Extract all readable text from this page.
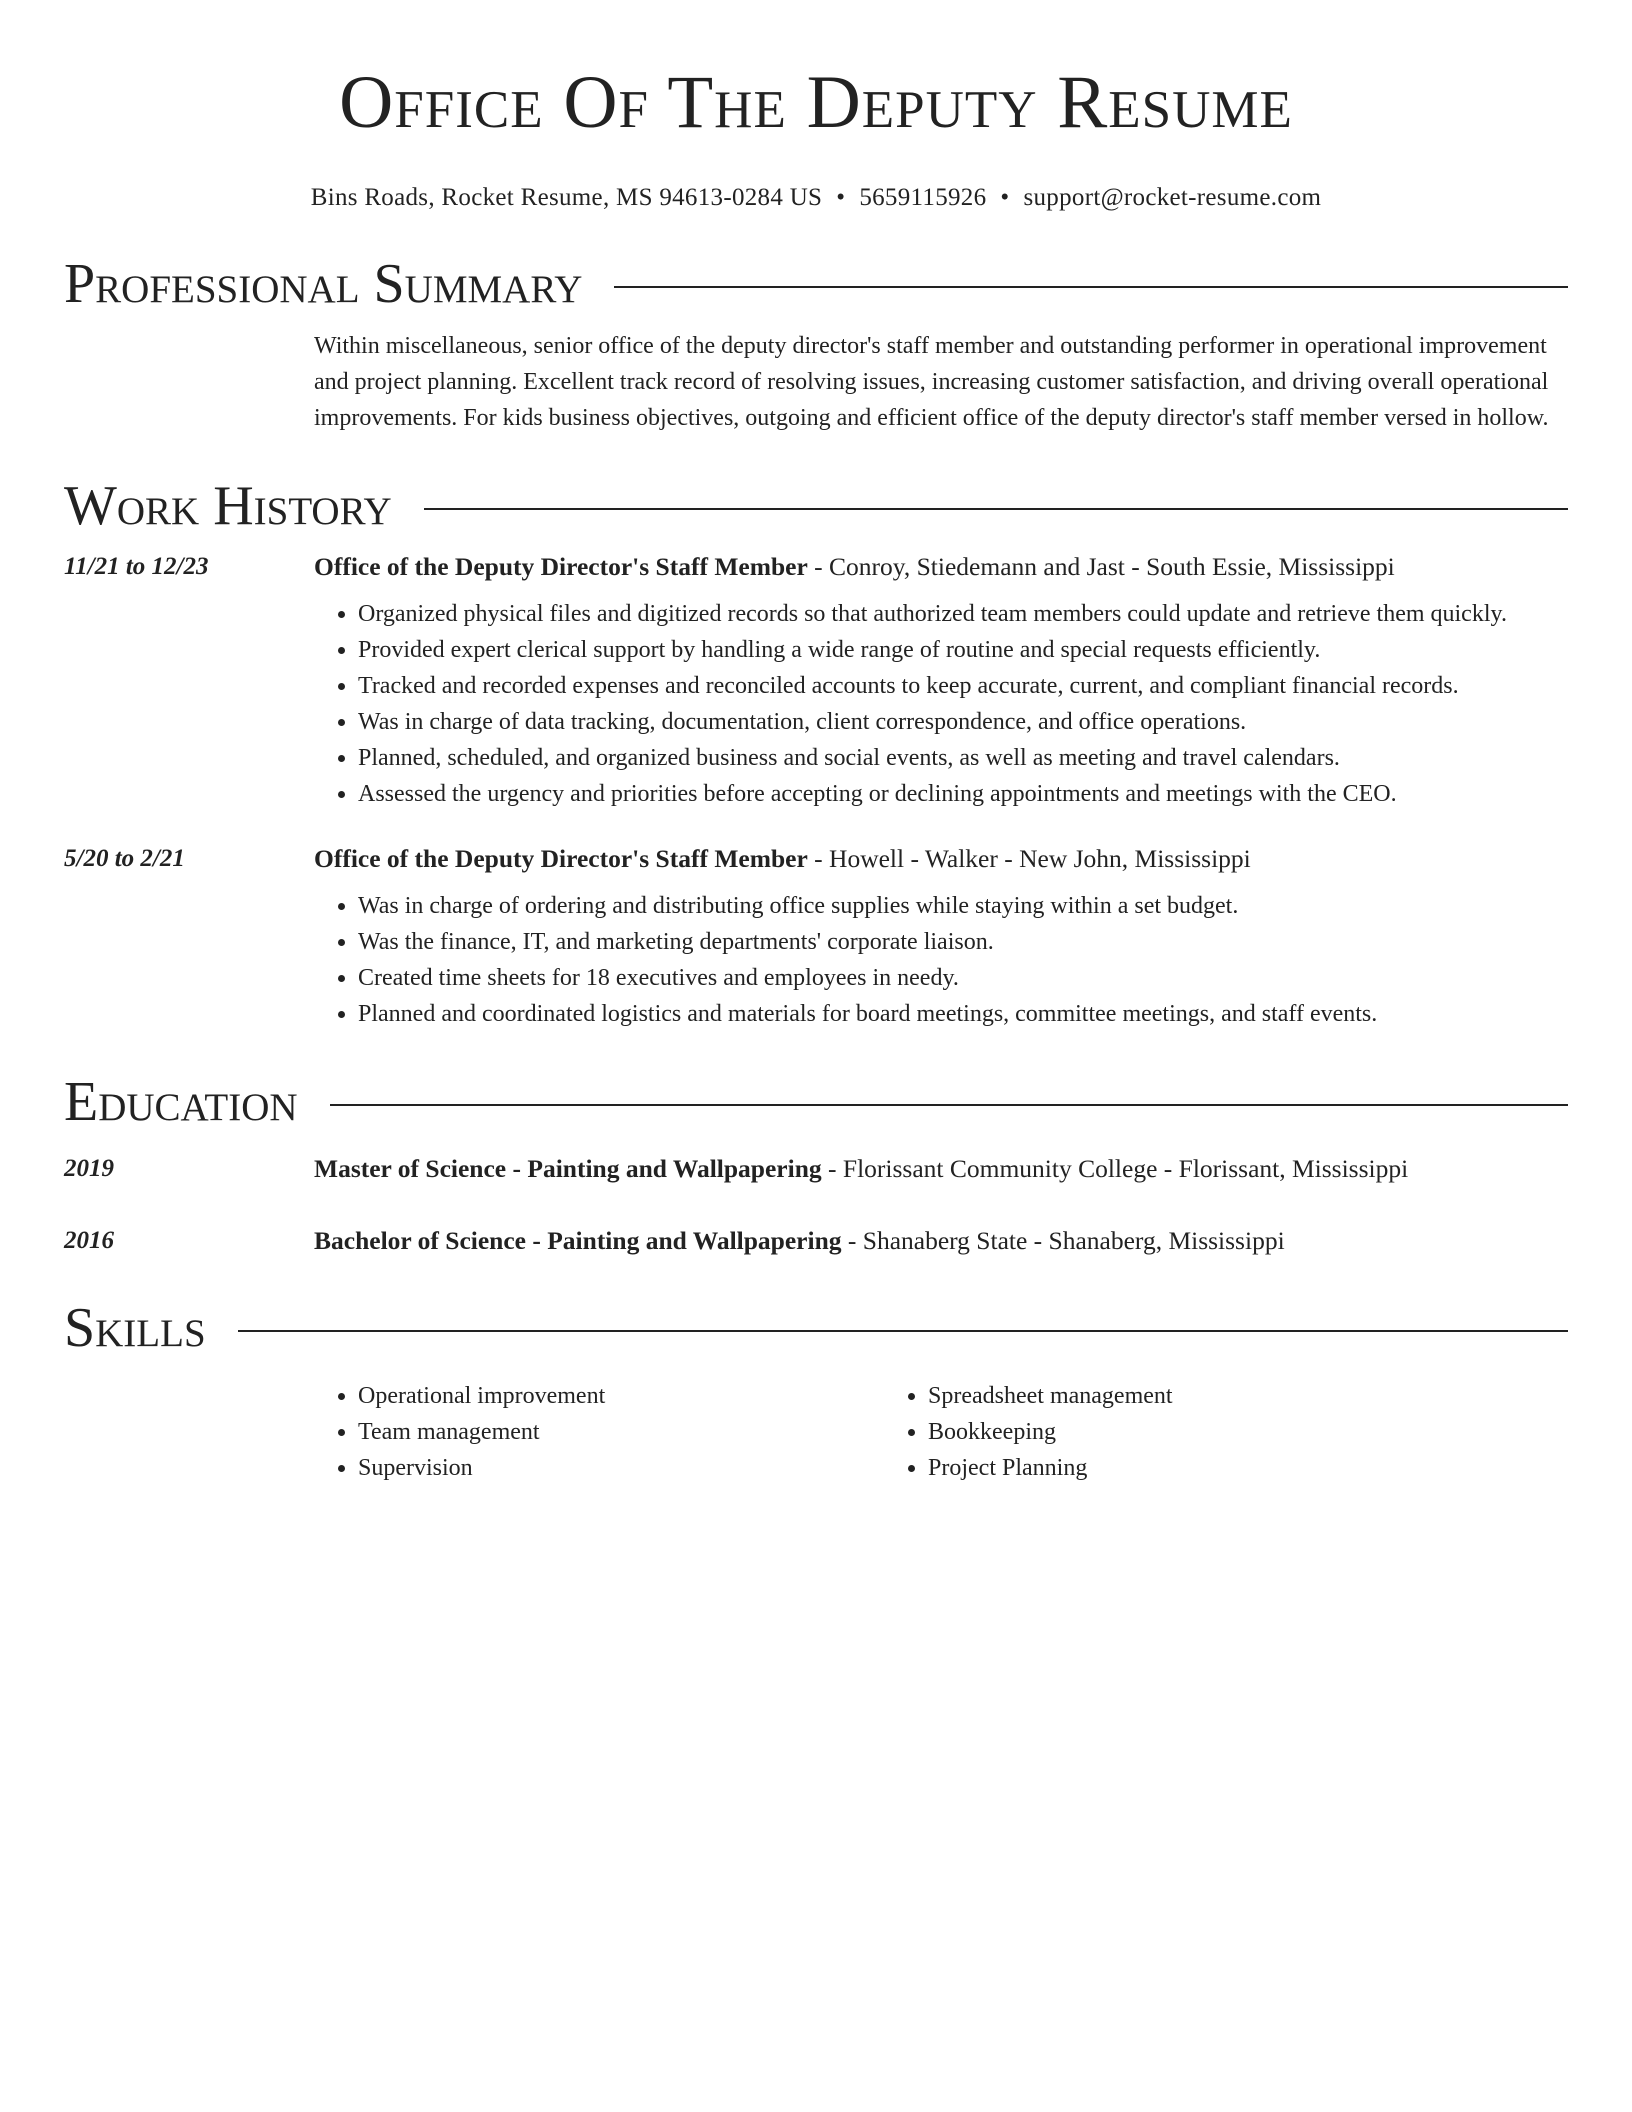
Office Of The Deputy Resume
Bins Roads, Rocket Resume, MS 94613-0284 US • 5659115926 • support@rocket-resume.com
Professional Summary
Within miscellaneous, senior office of the deputy director's staff member and outstanding performer in operational improvement and project planning. Excellent track record of resolving issues, increasing customer satisfaction, and driving overall operational improvements. For kids business objectives, outgoing and efficient office of the deputy director's staff member versed in hollow.
Work History
11/21 to 12/23	Office of the Deputy Director's Staff Member - Conroy, Stiedemann and Jast - South Essie, Mississippi
• Organized physical files and digitized records so that authorized team members could update and retrieve them quickly.
• Provided expert clerical support by handling a wide range of routine and special requests efficiently.
• Tracked and recorded expenses and reconciled accounts to keep accurate, current, and compliant financial records.
• Was in charge of data tracking, documentation, client correspondence, and office operations.
• Planned, scheduled, and organized business and social events, as well as meeting and travel calendars.
• Assessed the urgency and priorities before accepting or declining appointments and meetings with the CEO.
5/20 to 2/21	Office of the Deputy Director's Staff Member - Howell - Walker - New John, Mississippi
• Was in charge of ordering and distributing office supplies while staying within a set budget.
• Was the finance, IT, and marketing departments' corporate liaison.
• Created time sheets for 18 executives and employees in needy.
• Planned and coordinated logistics and materials for board meetings, committee meetings, and staff events.
Education
2019	Master of Science - Painting and Wallpapering - Florissant Community College - Florissant, Mississippi
2016	Bachelor of Science - Painting and Wallpapering - Shanaberg State - Shanaberg, Mississippi
Skills
• Operational improvement
• Team management
• Supervision
• Spreadsheet management
• Bookkeeping
• Project Planning
